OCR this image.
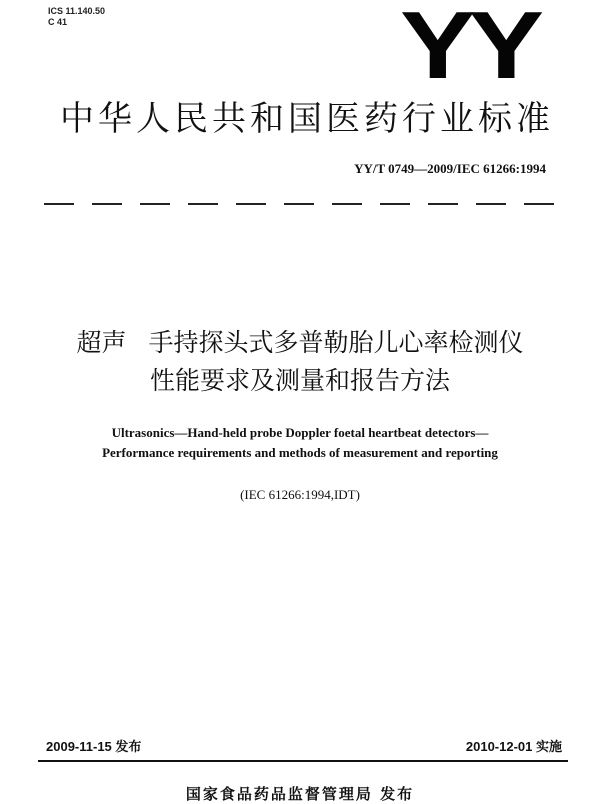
ICS 11.140.50
C 41	YY
中华人民共和国医药行业标准
YY/T 0749—2009/IEC 61266:1994
超声 手持探头式多普勒胎儿心率检测仪
性能要求及测量和报告方法
Ultrasonics—Hand-held probe Doppler foetal heartbeat detectors—
Performance requirements and methods of measurement and reporting
(IEC 61266:1994,IDT)
2009-11-15 发布	2010-12-01 实施
国家食品药品监督管理局 发布
